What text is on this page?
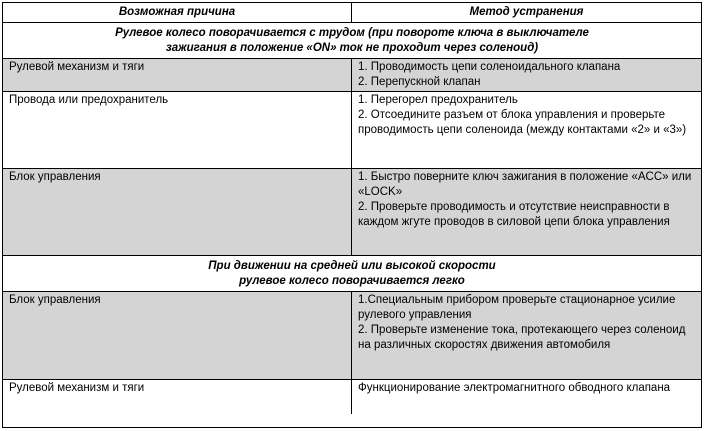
Возможная причина	Метод устранения
Рулевое колесо поворачивается с трудом (при повороте ключа в выключателе
зажигания в положение «ON» ток не проходит через соленоид)
Рулевой механизм и тяги	1. Проводимость цепи соленоидального клапана
2. Перепускной клапан
Провода или предохранитель	1. Перегорел предохранитель
2. Отсоедините разъем от блока управления и проверьте проводимость цепи соленоида (между контактами «2» и «3»)
Блок управления	1. Быстро поверните ключ зажигания в положение «ACC» или «LOCK»
2. Проверьте проводимость и отсутствие неисправности в каждом жгуте проводов в силовой цепи блока управления
При движении на средней или высокой скорости
рулевое колесо поворачивается легко
Блок управления	1.Специальным прибором проверьте стационарное усилие рулевого управления
2. Проверьте изменение тока, протекающего через соленоид на различных скоростях движения автомобиля
Рулевой механизм и тяги	Функционирование электромагнитного обводного клапана
